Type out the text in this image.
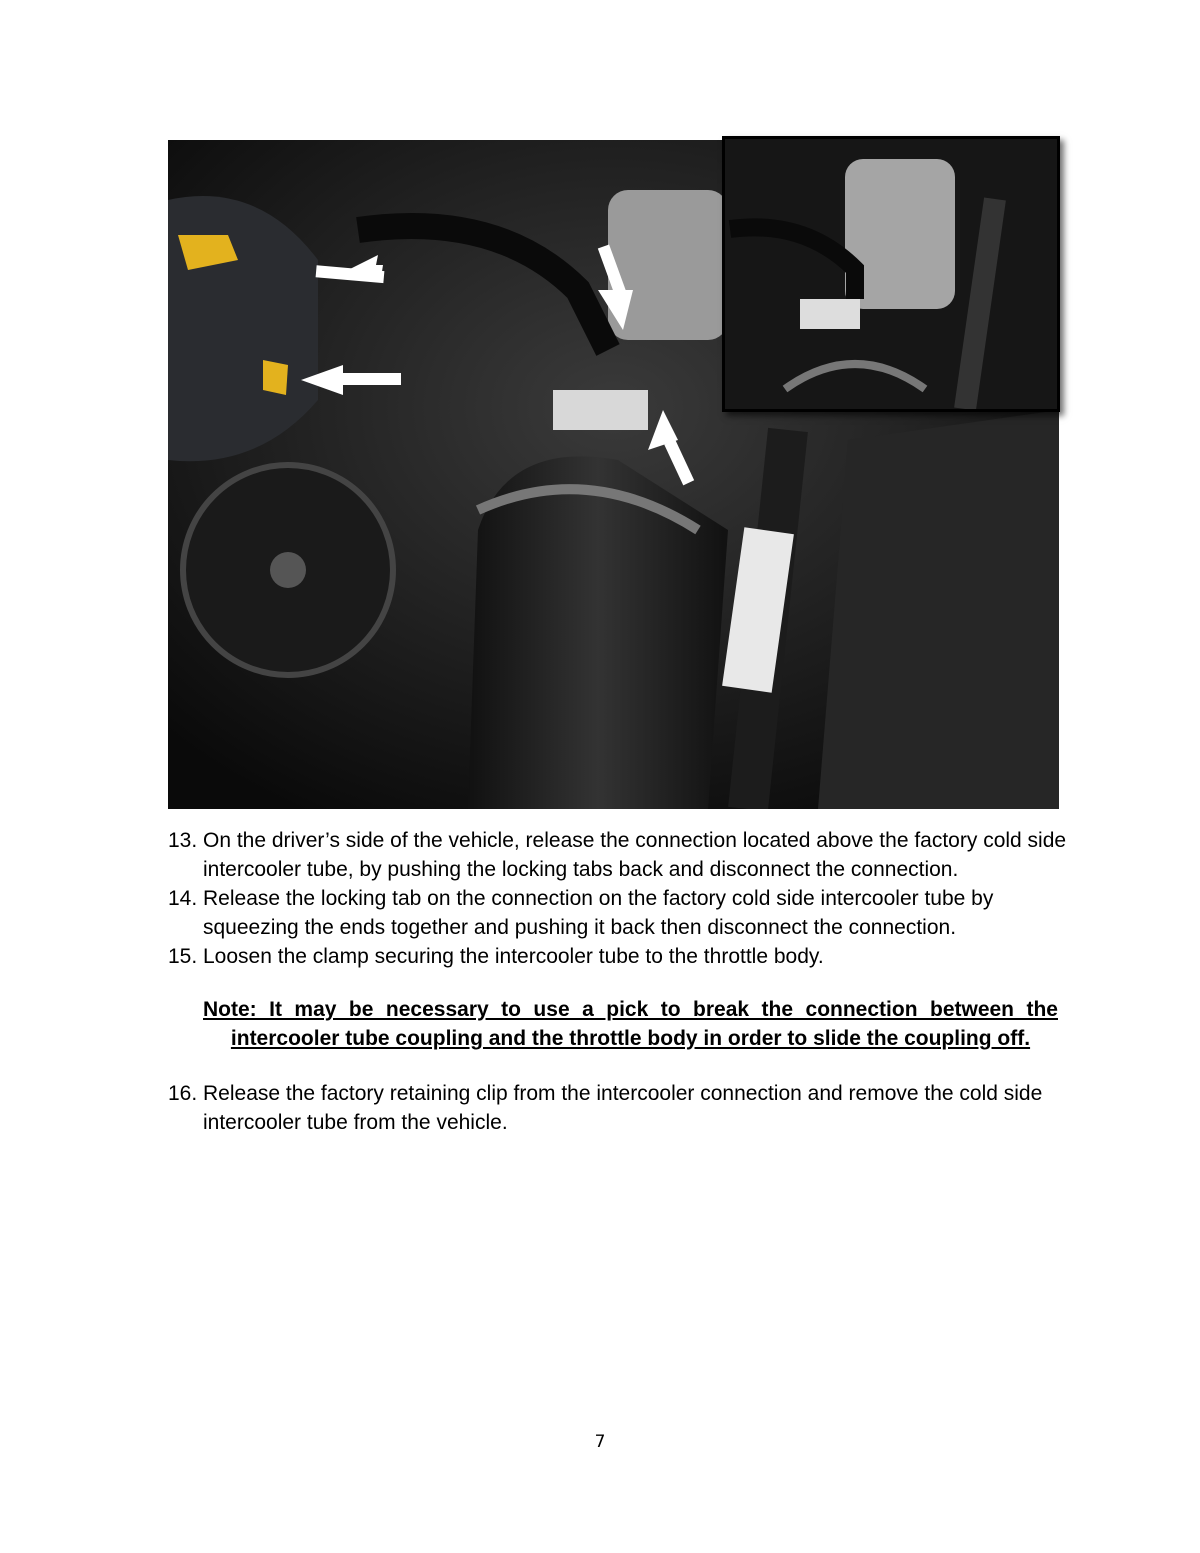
13. On the driver’s side of the vehicle, release the connection located above the factory cold side intercooler tube, by pushing the locking tabs back and disconnect the connection.
14. Release the locking tab on the connection on the factory cold side intercooler tube by squeezing the ends together and pushing it back then disconnect the connection.
15. Loosen the clamp securing the intercooler tube to the throttle body.
Note: It may be necessary to use a pick to break the connection between the intercooler tube coupling and the throttle body in order to slide the coupling off.
16. Release the factory retaining clip from the intercooler connection and remove the cold side intercooler tube from the vehicle.
7
